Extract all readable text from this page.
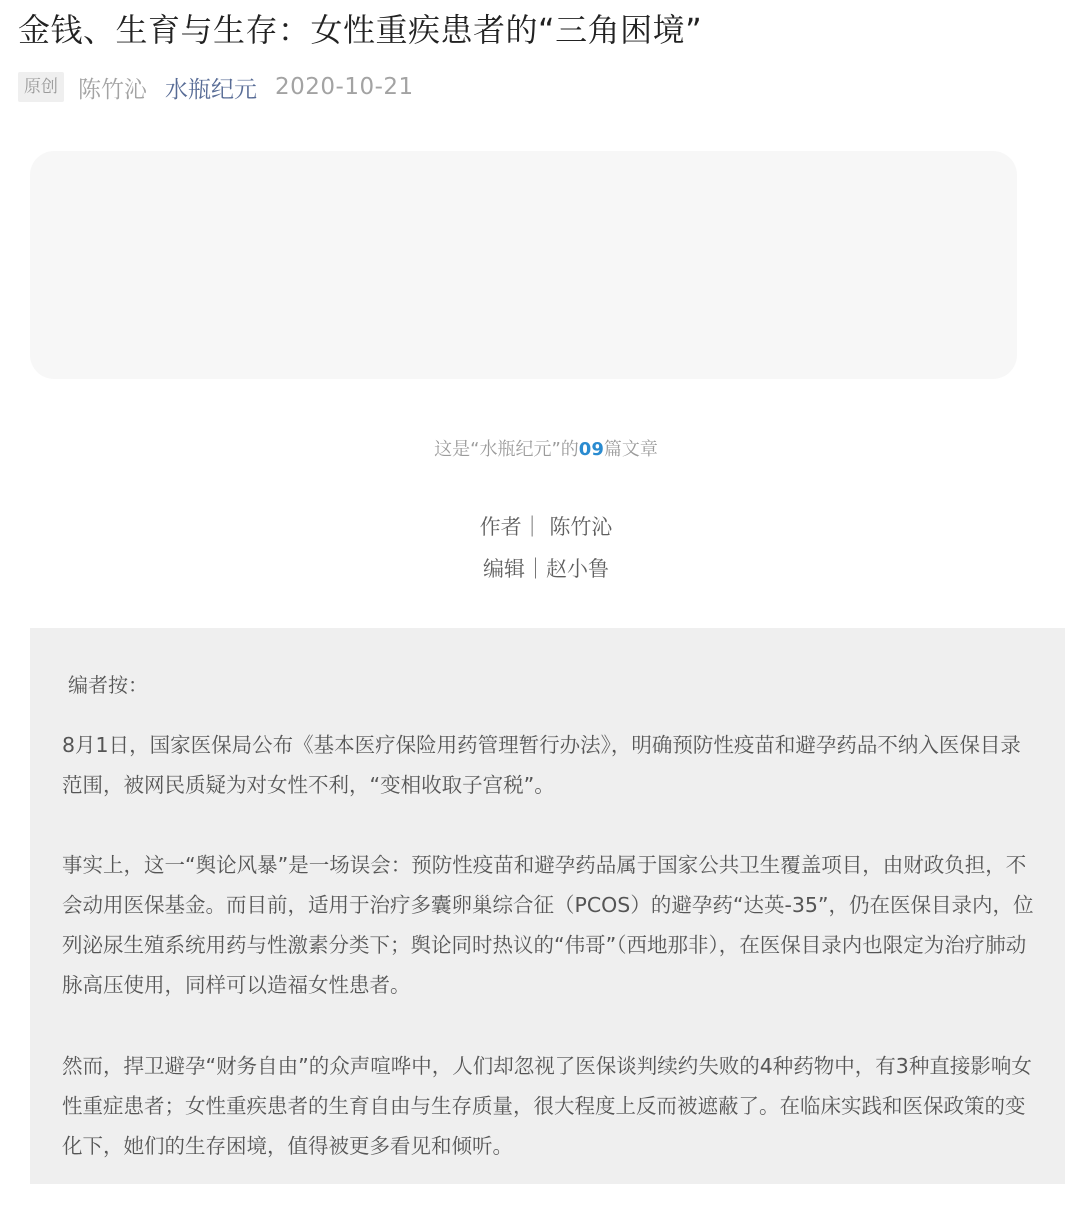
金钱、生育与生存：女性重疾患者的“三角困境”
原创 陈竹沁 水瓶纪元 2020-10-21
这是“水瓶纪元”的09篇文章
作者｜ 陈竹沁
编辑｜赵小鲁
编者按：

8月1日，国家医保局公布《基本医疗保险用药管理暂行办法》，明确预防性疫苗和避孕药品不纳入医保目录范围，被网民质疑为对女性不利，“变相收取子宫税”。

事实上，这一“舆论风暴”是一场误会：预防性疫苗和避孕药品属于国家公共卫生覆盖项目，由财政负担，不会动用医保基金。而目前，适用于治疗多囊卵巢综合征（PCOS）的避孕药“达英-35”，仍在医保目录内，位列泌尿生殖系统用药与性激素分类下；舆论同时热议的“伟哥”（西地那非），在医保目录内也限定为治疗肺动脉高压使用，同样可以造福女性患者。

然而，捍卫避孕“财务自由”的众声喧哗中，人们却忽视了医保谈判续约失败的4种药物中，有3种直接影响女性重症患者；女性重疾患者的生育自由与生存质量，很大程度上反而被遮蔽了。在临床实践和医保政策的变化下，她们的生存困境，值得被更多看见和倾听。
